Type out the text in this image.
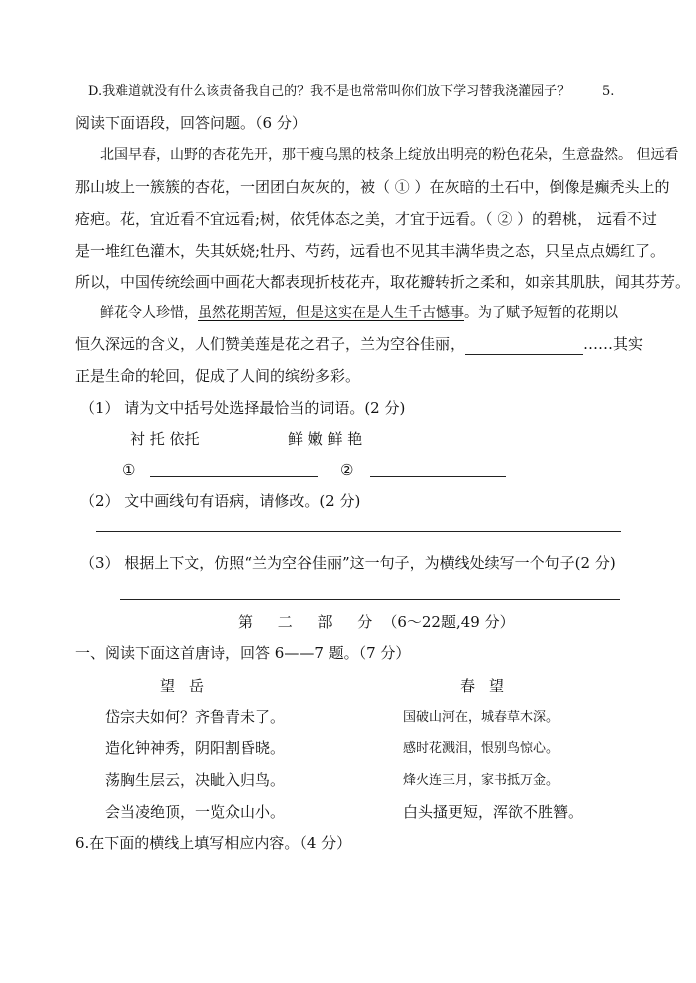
D.我难道就没有什么该责备我自己的？我不是也常常叫你们放下学习替我浇灌园子？ 5.
阅读下面语段，回答问题。（6 分）
北国早春，山野的杏花先开，那干瘦乌黑的枝条上绽放出明亮的粉色花朵，生意盎然。 但远看
那山坡上一簇簇的杏花，一团团白灰灰的，被（ ① ）在灰暗的土石中，倒像是癫秃头上的
疮疤。花，宜近看不宜远看;树，依凭体态之美，才宜于远看。（ ② ）的碧桃， 远看不过
是一堆红色灌木，失其妖娆;牡丹、芍药，远看也不见其丰满华贵之态，只呈点点嫣红了。
所以，中国传统绘画中画花大都表现折枝花卉，取花瓣转折之柔和，如亲其肌肤，闻其芬芳。
鲜花令人珍惜，虽然花期苦短，但是这实在是人生千古憾事。为了赋予短暂的花期以
恒久深远的含义，人们赞美莲是花之君子，兰为空谷佳丽，	……其实
正是生命的轮回，促成了人间的缤纷多彩。
（1） 请为文中括号处选择最恰当的词语。(2 分)
衬 托 依托	鲜 嫩 鲜 艳
①	②
（2） 文中画线句有语病，请修改。(2 分)
（3） 根据上下文，仿照“兰为空谷佳丽”这一句子，为横线处续写一个句子(2 分)
第 二 部 分（6～22题,49 分）
一、阅读下面这首唐诗，回答 6——7 题。（7 分）
望岳
岱宗夫如何？齐鲁青未了。
造化钟神秀，阴阳割昏晓。
荡胸生层云，决眦入归鸟。
会当凌绝顶，一览众山小。
春望
国破山河在，城春草木深。
感时花溅泪，恨别鸟惊心。
烽火连三月，家书抵万金。
白头搔更短，浑欲不胜簪。
6.在下面的横线上填写相应内容。（4 分）
